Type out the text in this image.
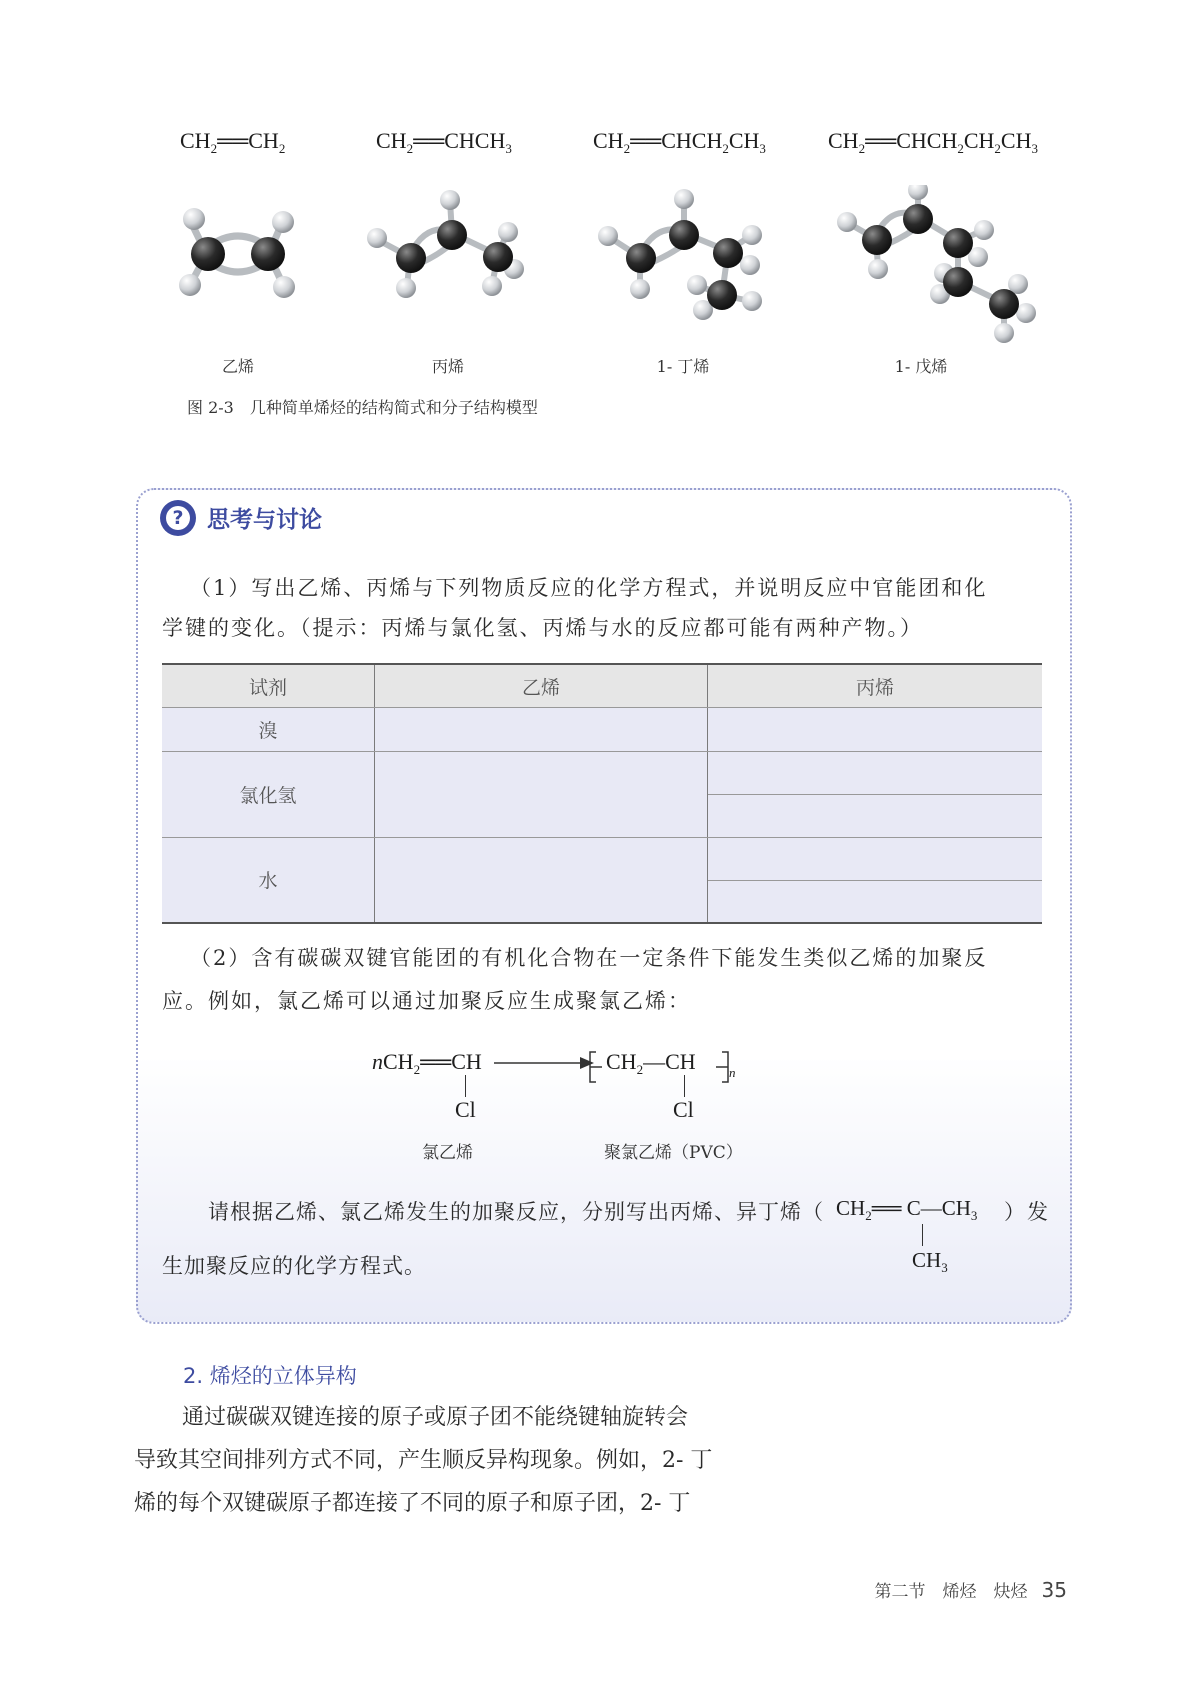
$CH_2══CH_2$	$CH_2══CHCH_3$	$CH_2══CHCH_2CH_3$	$CH_2══CHCH_2CH_2CH_3$
乙烯	丙烯	1- 丁烯	1- 戊烯
图 2-3　几种简单烯烃的结构简式和分子结构模型
? 思考与讨论
（1）写出乙烯、丙烯与下列物质反应的化学方程式，并说明反应中官能团和化
学键的变化。（提示：丙烯与氯化氢、丙烯与水的反应都可能有两种产物。）
试剂	乙烯	丙烯
溴		
氯化氢		

水		

（2）含有碳碳双键官能团的有机化合物在一定条件下能发生类似乙烯的加聚反
应。例如，氯乙烯可以通过加聚反应生成聚氯乙烯：
nCH$_2$══CH
Cl
$CH_2—CH$	n
Cl
氯乙烯	聚氯乙烯（PVC）
请根据乙烯、氯乙烯发生的加聚反应，分别写出丙烯、异丁烯（ $CH_2══$ $C—CH_3$ ）发
$CH_3$
生加聚反应的化学方程式。
2. 烯烃的立体异构
通过碳碳双键连接的原子或原子团不能绕键轴旋转会
导致其空间排列方式不同，产生顺反异构现象。例如，2- 丁
烯的每个双键碳原子都连接了不同的原子和原子团，2- 丁
第二节　烯烃　炔烃 35
